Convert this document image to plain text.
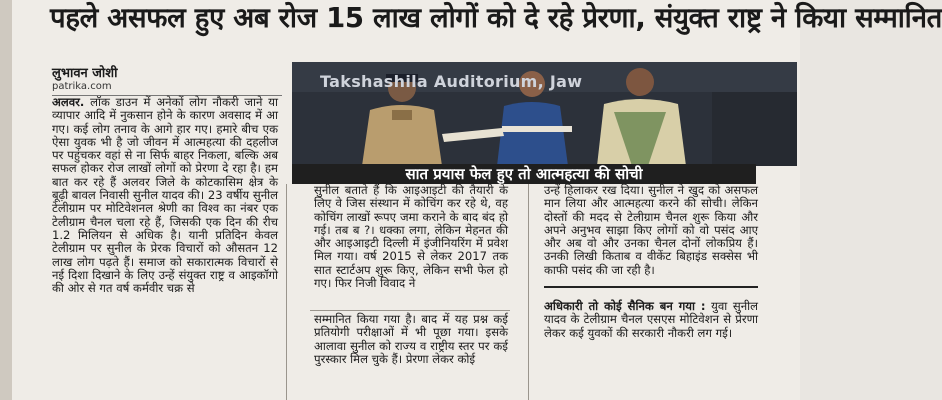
पहले असफल हुए अब रोज 15 लाख लोगों को दे रहे प्रेरणा, संयुक्त राष्ट्र ने किया सम्मानित
लुभावन जोशी
patrika.com
अलवर. लॉक डाउन में अनेकों लोग नौकरी जाने या व्यापार आदि में नुकसान होने के कारण अवसाद में आ गए। कई लोग तनाव के आगे हार गए। हमारे बीच एक ऐसा युवक भी है जो जीवन में आत्महत्या की दहलीज पर पहुंचकर वहां से ना सिर्फ बाहर निकला, बल्कि अब सफल होकर रोज लाखों लोगों को प्रेरणा दे रहा है। हम बात कर रहे हैं अलवर जिले के कोटकासिम क्षेत्र के बूढ़ी बावल निवासी सुनील यादव की। 23 वर्षीय सुनील टेलीग्राम पर मोटिवेशनल श्रेणी का विश्व का नंबर एक टेलीग्राम चैनल चला रहे हैं, जिसकी एक दिन की रीच 1.2 मिलियन से अधिक है। यानी प्रतिदिन केवल टेलीग्राम पर सुनील के प्रेरक विचारों को औसतन 12 लाख लोग पढ़ते हैं। समाज को सकारात्मक विचारों से नई दिशा दिखाने के लिए उन्हें संयुक्त राष्ट्र व आइकॉगो की ओर से गत वर्ष कर्मवीर चक्र से
Takshashila Auditorium, Jaw
सात प्रयास फेल हुए तो आत्महत्या की सोची
सुनील बताते हैं कि आइआइटी की तैयारी के लिए वे जिस संस्थान में कोचिंग कर रहे थे, वह कोचिंग लाखों रूपए जमा कराने के बाद बंद हो गई। तब ब ?। धक्का लगा, लेकिन मेहनत की और आइआइटी दिल्ली में इंजीनियरिंग में प्रवेश मिल गया। वर्ष 2015 से लेकर 2017 तक सात स्टार्टअप शुरू किए, लेकिन सभी फेल हो गए। फिर निजी विवाद ने
उन्हें हिलाकर रख दिया। सुनील ने खुद को असफल मान लिया और आत्महत्या करने की सोची। लेकिन दोस्तों की मदद से टेलीग्राम चैनल शुरू किया और अपने अनुभव साझा किए लोगों को वो पसंद आए और अब वो और उनका चैनल दोनों लोकप्रिय हैं। उनकी लिखी किताब व वीकेंट बिहाइंड सक्सेस भी काफी पसंद की जा रही है।
सम्मानित किया गया है। बाद में यह प्रश्न कई प्रतियोगी परीक्षाओं में भी पूछा गया। इसके आलावा सुनील को राज्य व राष्ट्रीय स्तर पर कई पुरस्कार मिल चुके हैं। प्रेरणा लेकर कोई
अधिकारी तो कोई सैनिक बन गया : युवा सुनील यादव के टेलीग्राम चैनल एसएस मोटिवेशन से प्रेरणा लेकर कई युवकों की सरकारी नौकरी लग गई।
